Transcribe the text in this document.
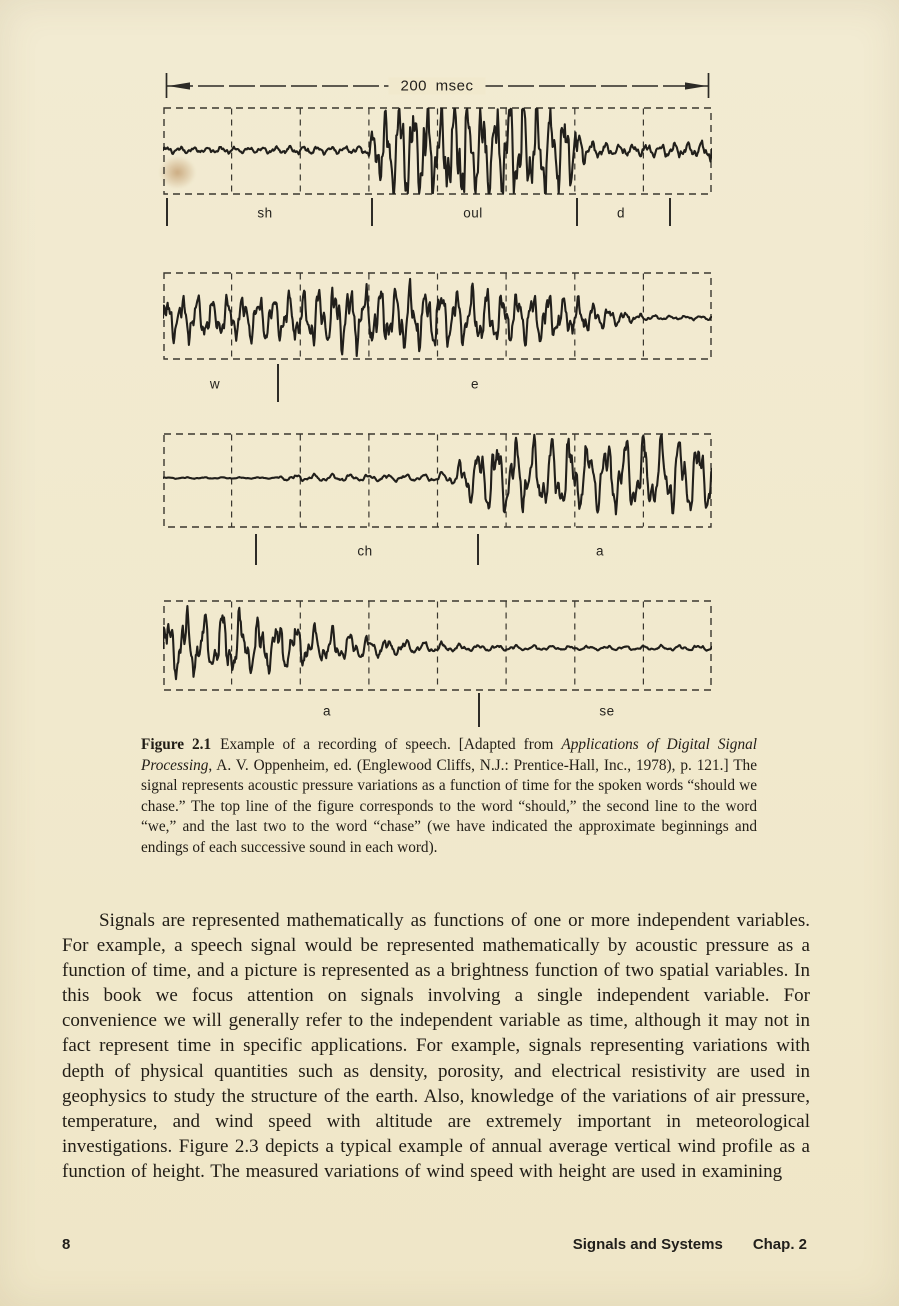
200 msec
sh	oul	d
w	e
ch	a
a	se

Figure 2.1 Example of a recording of speech. [Adapted from Applications of Digital Signal Processing, A. V. Oppenheim, ed. (Englewood Cliffs, N.J.: Prentice-Hall, Inc., 1978), p. 121.] The signal represents acoustic pressure variations as a function of time for the spoken words “should we chase.” The top line of the figure corresponds to the word “should,” the second line to the word “we,” and the last two to the word “chase” (we have indicated the approximate beginnings and endings of each successive sound in each word).

Signals are represented mathematically as functions of one or more independent variables. For example, a speech signal would be represented mathematically by acoustic pressure as a function of time, and a picture is represented as a brightness function of two spatial variables. In this book we focus attention on signals involving a single independent variable. For convenience we will generally refer to the independent variable as time, although it may not in fact represent time in specific applications. For example, signals representing variations with depth of physical quantities such as density, porosity, and electrical resistivity are used in geophysics to study the structure of the earth. Also, knowledge of the variations of air pressure, temperature, and wind speed with altitude are extremely important in meteorological investigations. Figure 2.3 depicts a typical example of annual average vertical wind profile as a function of height. The measured variations of wind speed with height are used in examining

8	Signals and Systems Chap. 2
